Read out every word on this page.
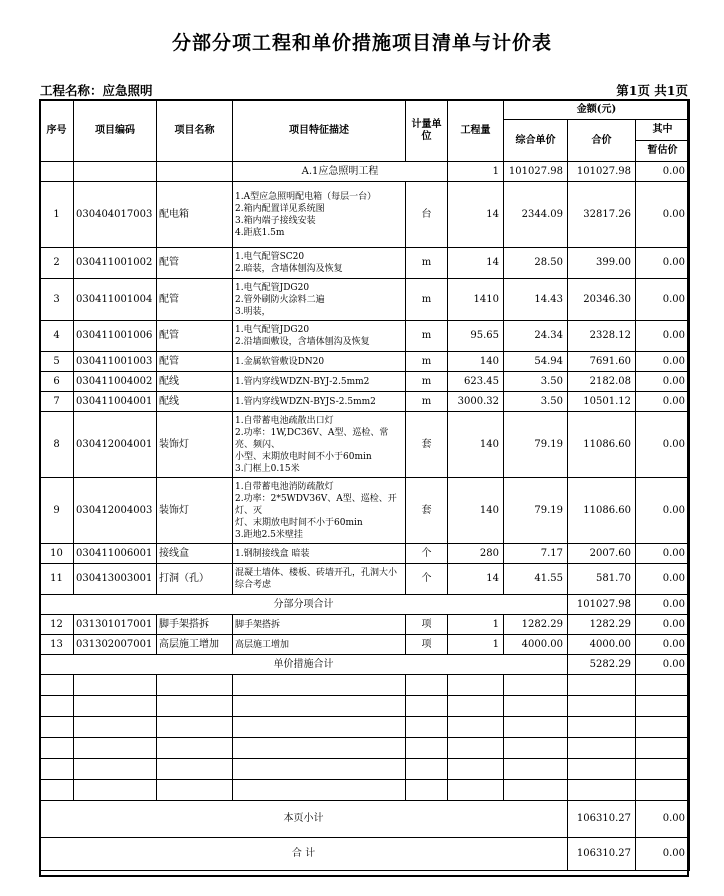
分部分项工程和单价措施项目清单与计价表
工程名称：应急照明	第1页 共1页
序号	项目编码	项目名称	项目特征描述	计量单位	工程量	金额(元)		
						综合单价	合价	其中
								暂估价
			A.1应急照明工程		1	101027.98	101027.98	0.00
1	030404017003	配电箱	1.A型应急照明配电箱（每层一台）
2.箱内配置详见系统图
3.箱内端子接线安装
4.距底1.5m	台	14	2344.09	32817.26	0.00
2	030411001002	配管	1.电气配管SC20
2.暗装，含墙体刨沟及恢复	m	14	28.50	399.00	0.00
3	030411001004	配管	1.电气配管JDG20
2.管外刷防火涂料二遍
3.明装，	m	1410	14.43	20346.30	0.00
4	030411001006	配管	1.电气配管JDG20
2.沿墙面敷设，含墙体刨沟及恢复	m	95.65	24.34	2328.12	0.00
5	030411001003	配管	1.金属软管敷设DN20	m	140	54.94	7691.60	0.00
6	030411004002	配线	1.管内穿线WDZN-BYJ-2.5mm2	m	623.45	3.50	2182.08	0.00
7	030411004001	配线	1.管内穿线WDZN-BYJS-2.5mm2	m	3000.32	3.50	10501.12	0.00
8	030412004001	装饰灯	1.自带蓄电池疏散出口灯
2.功率：1W,DC36V、A型、巡检、常亮、频闪、
小型、末期放电时间不小于60min
3.门框上0.15米	套	140	79.19	11086.60	0.00
9	030412004003	装饰灯	1.自带蓄电池消防疏散灯
2.功率：2*5WDV36V、A型、巡检、开灯、灭
灯、末期放电时间不小于60min
3.距地2.5米壁挂	套	140	79.19	11086.60	0.00
10	030411006001	接线盒	1.钢制接线盒 暗装	个	280	7.17	2007.60	0.00
11	030413003001	打洞（孔）	混凝土墙体、楼板、砖墙开孔，孔洞大小综合考虑	个	14	41.55	581.70	0.00
分部分项合计							101027.98	0.00
12	031301017001	脚手架搭拆	脚手架搭拆	项	1	1282.29	1282.29	0.00
13	031302007001	高层施工增加	高层施工增加	项	1	4000.00	4000.00	0.00
单价措施合计							5282.29	0.00

本页小计							106310.27	0.00
合 计							106310.27	0.00
